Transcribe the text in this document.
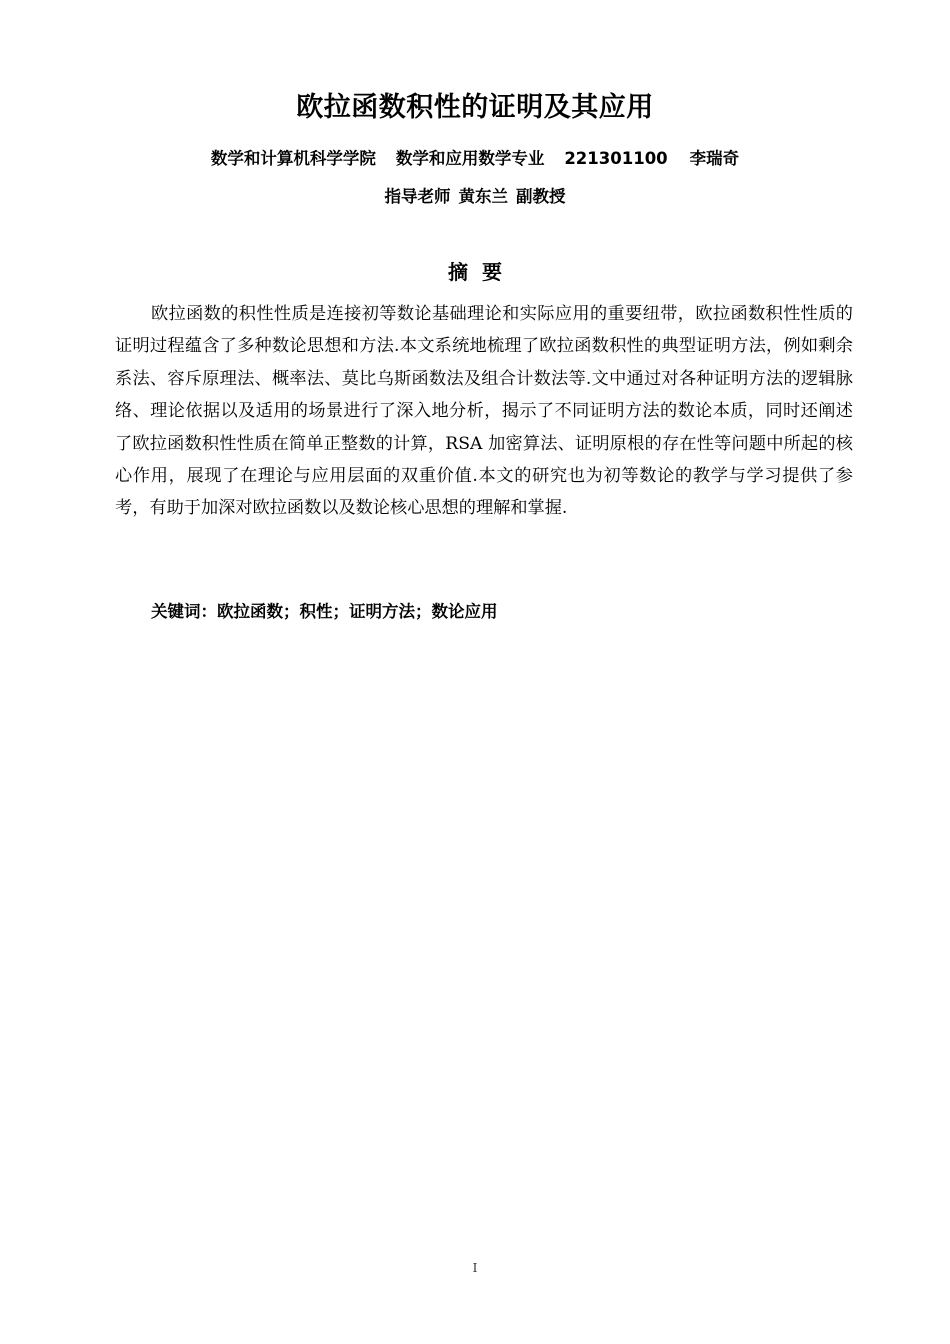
欧拉函数积性的证明及其应用
数学和计算机科学学院 数学和应用数学专业 221301100 李瑞奇
指导老师 黄东兰 副教授
摘要

欧拉函数的积性性质是连接初等数论基础理论和实际应用的重要纽带，欧拉函数积性性质的证明过程蕴含了多种数论思想和方法.本文系统地梳理了欧拉函数积性的典型证明方法，例如剩余系法、容斥原理法、概率法、莫比乌斯函数法及组合计数法等.文中通过对各种证明方法的逻辑脉络、理论依据以及适用的场景进行了深入地分析，揭示了不同证明方法的数论本质，同时还阐述了欧拉函数积性性质在简单正整数的计算，RSA 加密算法、证明原根的存在性等问题中所起的核心作用，展现了在理论与应用层面的双重价值.本文的研究也为初等数论的教学与学习提供了参考，有助于加深对欧拉函数以及数论核心思想的理解和掌握.

关键词：欧拉函数；积性；证明方法；数论应用
I
